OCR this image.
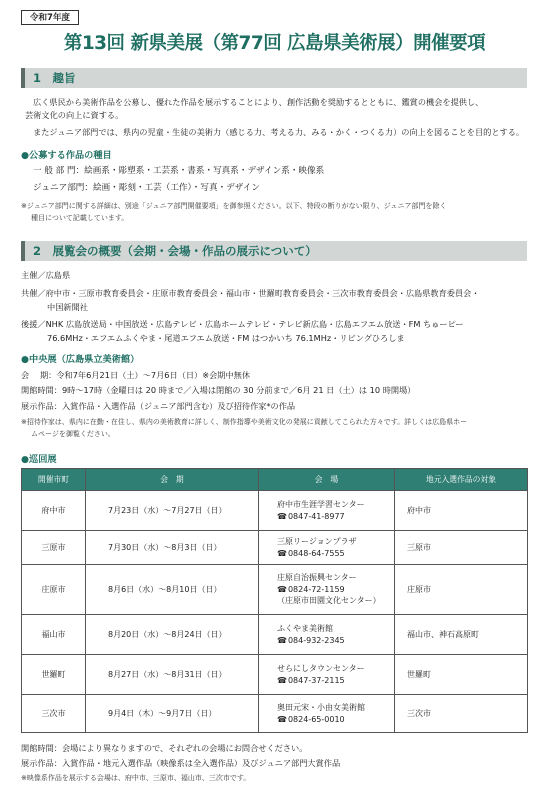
令和7年度
第13回 新県美展（第77回 広島県美術展）開催要項
1　趣旨
広く県民から美術作品を公募し、優れた作品を展示することにより、創作活動を奨励するとともに、鑑賞の機会を提供し、
芸術文化の向上に資する。
またジュニア部門では、県内の児童・生徒の美術力（感じる力、考える力、みる・かく・つくる力）の向上を図ることを目的とする。
●公募する作品の種目
一 般 部 門：絵画系・彫塑系・工芸系・書系・写真系・デザイン系・映像系
ジュニア部門：絵画・彫刻・工芸（工作）・写真・デザイン
※ジュニア部門に関する詳細は、別途「ジュニア部門開催要項」を御参照ください。以下、特段の断りがない限り、ジュニア部門を除く
種目について記載しています。
2　展覧会の概要（会期・会場・作品の展示について）
主催／広島県
共催／府中市・三原市教育委員会・庄原市教育委員会・福山市・世羅町教育委員会・三次市教育委員会・広島県教育委員会・
中国新聞社
後援／NHK 広島放送局・中国放送・広島テレビ・広島ホームテレビ・テレビ新広島・広島エフエム放送・FM ちゅーピー
76.6MHz・エフエムふくやま・尾道エフエム放送・FM はつかいち 76.1MHz・リビングひろしま
●中央展（広島県立美術館）
会　 期：令和7年6月21日（土）～7月6日（日）※会期中無休
開館時間：9時～17時（金曜日は 20 時まで／入場は閉館の 30 分前まで／6月 21 日（土）は 10 時開場）
展示作品：入賞作品・入選作品（ジュニア部門含む）及び招待作家*の作品
※招待作家は、県内に在勤・在住し、県内の美術教育に詳しく、制作指導や美術文化の発展に貢献してこられた方々です。詳しくは広島県ホー
ムページを御覧ください。
●巡回展
開催市町	会　期	会　場	地元入選作品の対象
府中市	7月23日（水）～7月27日（日）	府中市生涯学習センター
☎ 0847-41-8977	府中市
三原市	7月30日（水）～8月3日（日）	三原リージョンプラザ
☎ 0848-64-7555	三原市
庄原市	8月6日（水）～8月10日（日）	庄原自治振興センター
☎ 0824-72-1159
（庄原市田園文化センター）	庄原市
福山市	8月20日（水）～8月24日（日）	ふくやま美術館
☎ 084-932-2345	福山市、神石高原町
世羅町	8月27日（水）～8月31日（日）	せらにしタウンセンター
☎ 0847-37-2115	世羅町
三次市	9月4日（木）～9月7日（日）	奥田元宋・小由女美術館
☎ 0824-65-0010	三次市
開館時間：会場により異なりますので、それぞれの会場にお問合せください。
展示作品：入賞作品・地元入選作品（映像系は全入選作品）及びジュニア部門大賞作品
※映像系作品を展示する会場は、府中市、三原市、福山市、三次市です。
